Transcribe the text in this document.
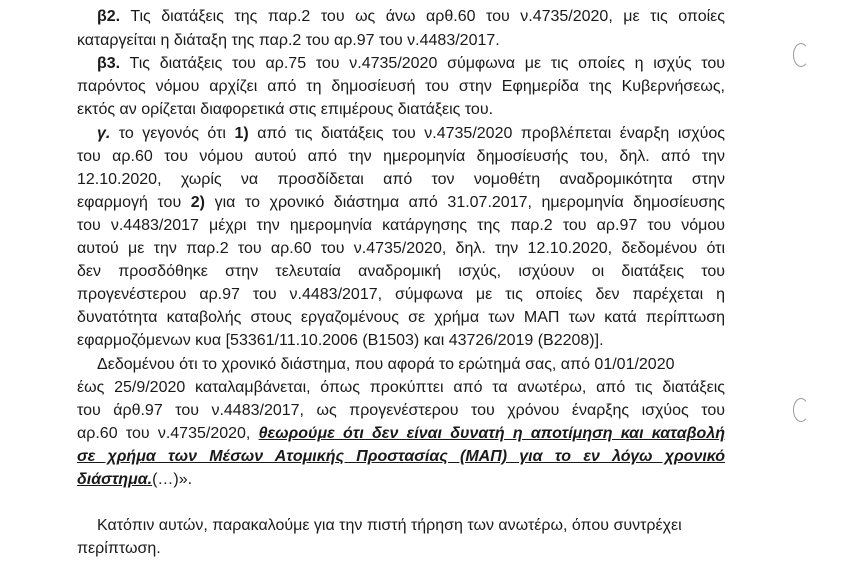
β2. Τις διατάξεις της παρ.2 του ως άνω αρθ.60 του ν.4735/2020, με τις οποίες
καταργείται η διάταξη της παρ.2 του αρ.97 του ν.4483/2017.
β3. Τις διατάξεις του αρ.75 του ν.4735/2020 σύμφωνα με τις οποίες η ισχύς του
παρόντος νόμου αρχίζει από τη δημοσίευσή του στην Εφημερίδα της Κυβερνήσεως,
εκτός αν ορίζεται διαφορετικά στις επιμέρους διατάξεις του.
γ. το γεγονός ότι 1) από τις διατάξεις του ν.4735/2020 προβλέπεται έναρξη ισχύος
του αρ.60 του νόμου αυτού από την ημερομηνία δημοσίευσής του, δηλ. από την
12.10.2020, χωρίς να προσδίδεται από τον νομοθέτη αναδρομικότητα στην
εφαρμογή του 2) για το χρονικό διάστημα από 31.07.2017, ημερομηνία δημοσίευσης
του ν.4483/2017 μέχρι την ημερομηνία κατάργησης της παρ.2 του αρ.97 του νόμου
αυτού με την παρ.2 του αρ.60 του ν.4735/2020, δηλ. την 12.10.2020, δεδομένου ότι
δεν προσδόθηκε στην τελευταία αναδρομική ισχύς, ισχύουν οι διατάξεις του
προγενέστερου αρ.97 του ν.4483/2017, σύμφωνα με τις οποίες δεν παρέχεται η
δυνατότητα καταβολής στους εργαζομένους σε χρήμα των ΜΑΠ των κατά περίπτωση
εφαρμοζόμενων κυα [53361/11.10.2006 (Β1503) και 43726/2019 (Β2208)].
Δεδομένου ότι το χρονικό διάστημα, που αφορά το ερώτημά σας, από 01/01/2020
έως 25/9/2020 καταλαμβάνεται, όπως προκύπτει από τα ανωτέρω, από τις διατάξεις
του άρθ.97 του ν.4483/2017, ως προγενέστερου του χρόνου έναρξης ισχύος του
αρ.60 του ν.4735/2020, θεωρούμε ότι δεν είναι δυνατή η αποτίμηση και καταβολή
σε χρήμα των Μέσων Ατομικής Προστασίας (ΜΑΠ) για το εν λόγω χρονικό
διάστημα.(…)».
Κατόπιν αυτών, παρακαλούμε για την πιστή τήρηση των ανωτέρω, όπου συντρέχει
περίπτωση.
